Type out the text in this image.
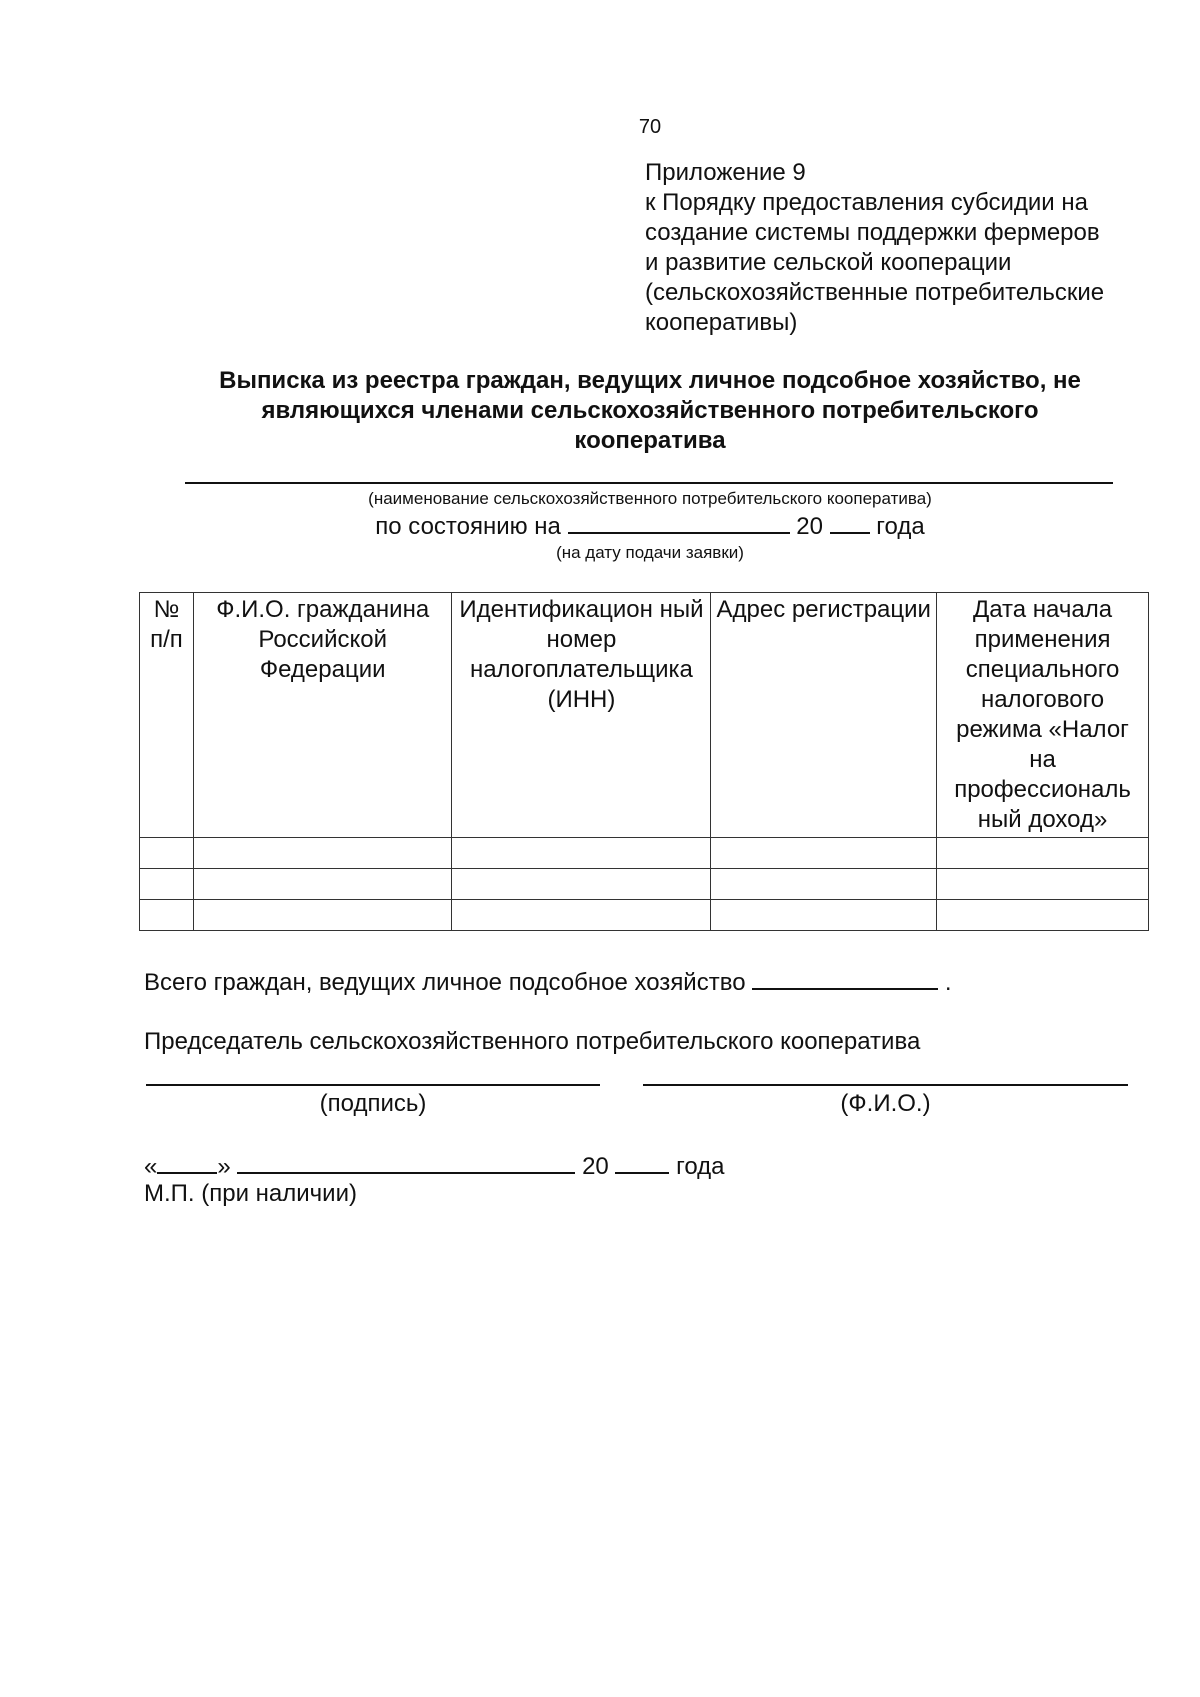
70
Приложение 9
к Порядку предоставления субсидии на
создание системы поддержки фермеров
и развитие сельской кооперации
(сельскохозяйственные потребительские
кооперативы)
Выписка из реестра граждан, ведущих личное подсобное хозяйство, не
являющихся членами сельскохозяйственного потребительского
кооператива
(наименование сельскохозяйственного потребительского кооператива)
по состоянию на	20 года
(на дату подачи заявки)
№ п/п	Ф.И.О. гражданина Российской Федерации	Идентификацион ный номер налогоплательщика (ИНН)	Адрес регистрации	Дата начала применения специального налогового режима «Налог на профессиональ ный доход»

Всего граждан, ведущих личное подсобное хозяйство	.
Председатель сельскохозяйственного потребительского кооператива
(подпись)	(Ф.И.О.)
«	»	20	года
М.П. (при наличии)
